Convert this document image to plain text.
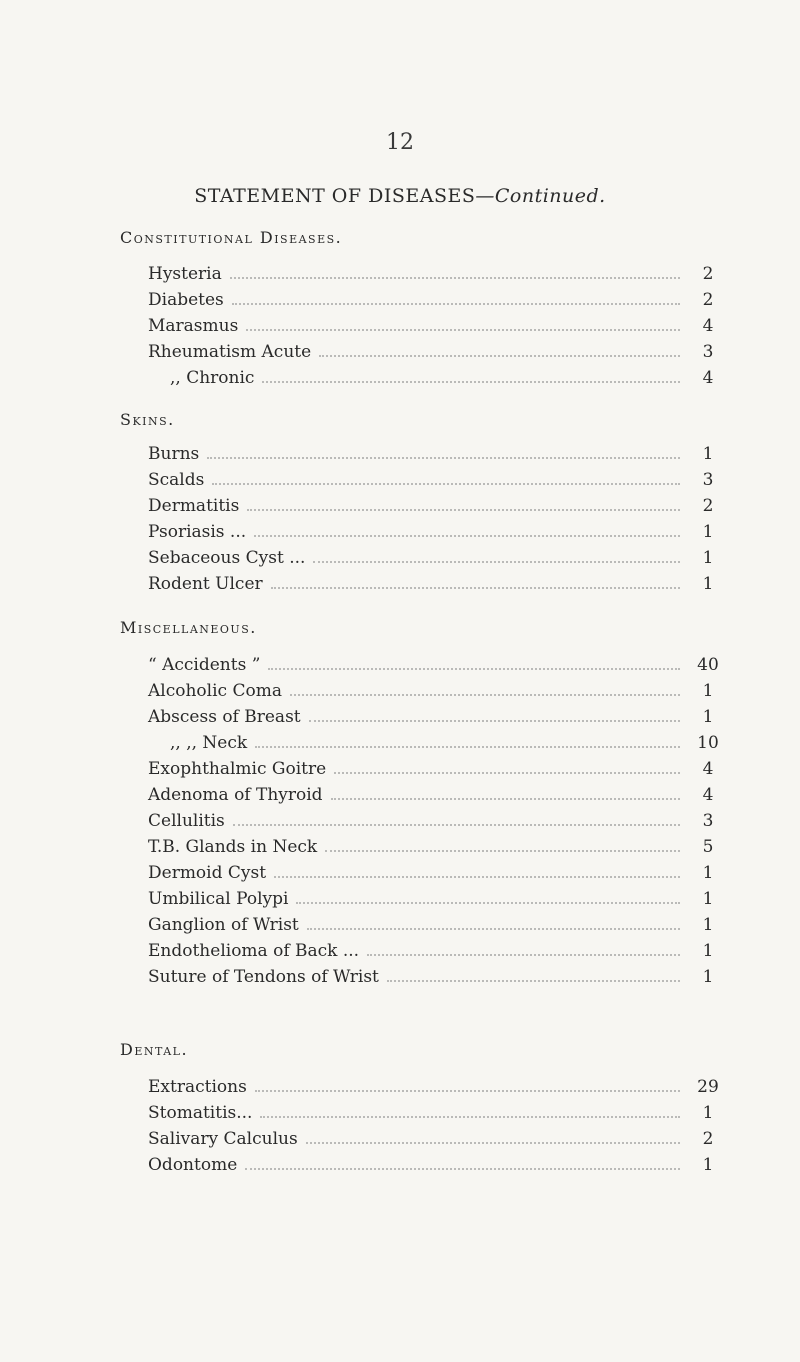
12
STATEMENT OF DISEASES—Continued.
Constitutional Diseases.
Hysteria	2
Diabetes	2
Marasmus	4
Rheumatism Acute	3
,, Chronic	4
Skins.
Burns	1
Scalds	3
Dermatitis	2
Psoriasis ...	1
Sebaceous Cyst ...	1
Rodent Ulcer	1
Miscellaneous.
“ Accidents ”	40
Alcoholic Coma	1
Abscess of Breast	1
,, ,, Neck	10
Exophthalmic Goitre	4
Adenoma of Thyroid	4
Cellulitis	3
T.B. Glands in Neck	5
Dermoid Cyst	1
Umbilical Polypi	1
Ganglion of Wrist	1
Endothelioma of Back ...	1
Suture of Tendons of Wrist	1
Dental.
Extractions	29
Stomatitis...	1
Salivary Calculus	2
Odontome	1
